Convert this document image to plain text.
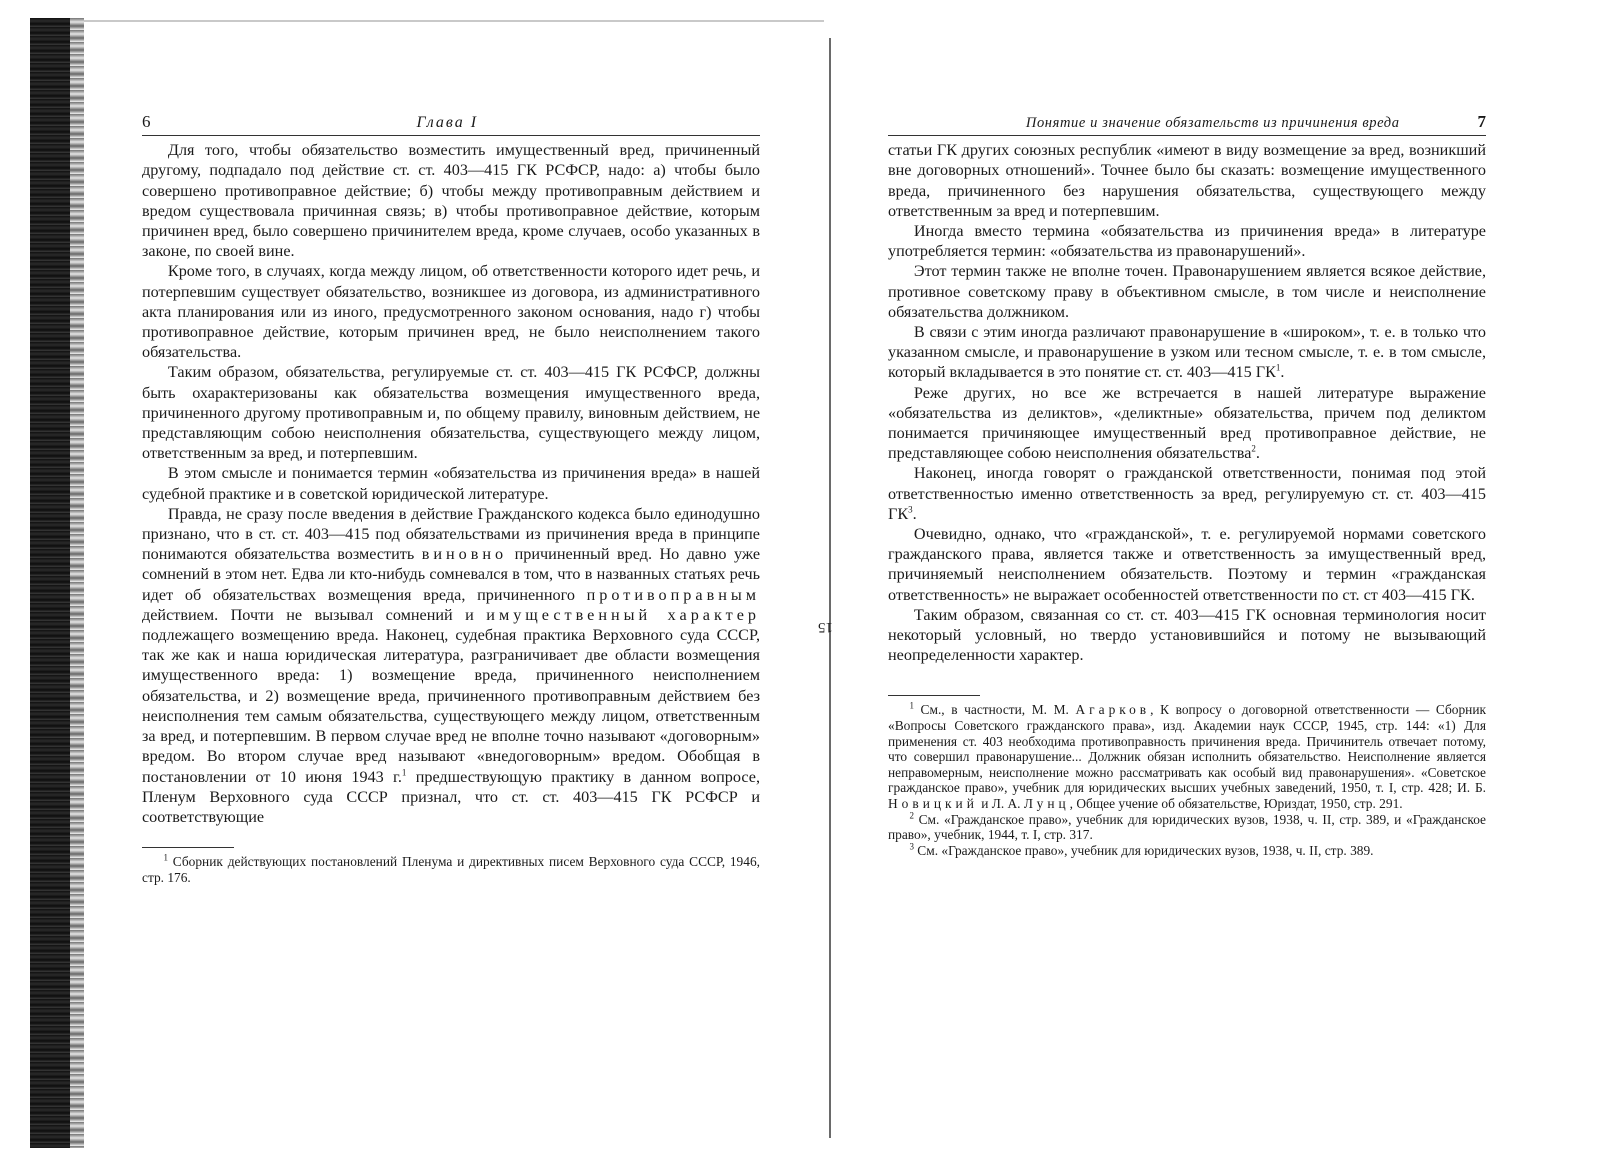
15
6	Глава I

Для того, чтобы обязательство возместить имущественный вред, причиненный другому, подпадало под действие ст. ст. 403—415 ГК РСФСР, надо: а) чтобы было совершено противоправное действие; б) чтобы между противоправным действием и вредом существовала причинная связь; в) чтобы противоправное действие, которым причинен вред, было совершено причинителем вреда, кроме случаев, особо указанных в законе, по своей вине.

Кроме того, в случаях, когда между лицом, об ответственности которого идет речь, и потерпевшим существует обязательство, возникшее из договора, из административного акта планирования или из иного, предусмотренного законом основания, надо г) чтобы противоправное действие, которым причинен вред, не было неисполнением такого обязательства.

Таким образом, обязательства, регулируемые ст. ст. 403—415 ГК РСФСР, должны быть охарактеризованы как обязательства возмещения имущественного вреда, причиненного другому противоправным и, по общему правилу, виновным действием, не представляющим собою неисполнения обязательства, существующего между лицом, ответственным за вред, и потерпевшим.

В этом смысле и понимается термин «обязательства из причинения вреда» в нашей судебной практике и в советской юридической литературе.

Правда, не сразу после введения в действие Гражданского кодекса было единодушно признано, что в ст. ст. 403—415 под обязательствами из причинения вреда в принципе понимаются обязательства возместить виновно причиненный вред. Но давно уже сомнений в этом нет. Едва ли кто-нибудь сомневался в том, что в названных статьях речь идет об обязательствах возмещения вреда, причиненного противоправным действием. Почти не вызывал сомнений и имущественный характер подлежащего возмещению вреда. Наконец, судебная практика Верховного суда СССР, так же как и наша юридическая литература, разграничивает две области возмещения имущественного вреда: 1) возмещение вреда, причиненного неисполнением обязательства, и 2) возмещение вреда, причиненного противоправным действием без неисполнения тем самым обязательства, существующего между лицом, ответственным за вред, и потерпевшим. В первом случае вред не вполне точно называют «договорным» вредом. Во втором случае вред называют «внедоговорным» вредом. Обобщая в постановлении от 10 июня 1943 г.$^1$ предшествующую практику в данном вопросе, Пленум Верховного суда СССР признал, что ст. ст. 403—415 ГК РСФСР и соответствующие

$^1$ Сборник действующих постановлений Пленума и директивных писем Верховного суда СССР, 1946, стр. 176.

Понятие и значение обязательств из причинения вреда	7

статьи ГК других союзных республик «имеют в виду возмещение за вред, возникший вне договорных отношений». Точнее было бы сказать: возмещение имущественного вреда, причиненного без нарушения обязательства, существующего между ответственным за вред и потерпевшим.

Иногда вместо термина «обязательства из причинения вреда» в литературе употребляется термин: «обязательства из правонарушений».

Этот термин также не вполне точен. Правонарушением является всякое действие, противное советскому праву в объективном смысле, в том числе и неисполнение обязательства должником.

В связи с этим иногда различают правонарушение в «широком», т. е. в только что указанном смысле, и правонарушение в узком или тесном смысле, т. е. в том смысле, который вкладывается в это понятие ст. ст. 403—415 $ГК^1$.

Реже других, но все же встречается в нашей литературе выражение «обязательства из деликтов», «деликтные» обязательства, причем под деликтом понимается причиняющее имущественный вред противоправное действие, не представляющее собою неисполнения обязательства$^2$.

Наконец, иногда говорят о гражданской ответственности, понимая под этой ответственностью именно ответственность за вред, регулируемую ст. ст. 403—415 $ГК^3$.

Очевидно, однако, что «гражданской», т. е. регулируемой нормами советского гражданского права, является также и ответственность за имущественный вред, причиняемый неисполнением обязательств. Поэтому и термин «гражданская ответственность» не выражает особенностей ответственности по ст. ст 403—415 ГК.

Таким образом, связанная со ст. ст. 403—415 ГК основная терминология носит некоторый условный, но твердо установившийся и потому не вызывающий неопределенности характер.

$^1$ См., в частности, М. М. Агарков, К вопросу о договорной ответственности — Сборник «Вопросы Советского гражданского права», изд. Академии наук СССР, 1945, стр. 144: «1) Для применения ст. 403 необходима противоправность причинения вреда. Причинитель отвечает потому, что совершил правонарушение... Должник обязан исполнить обязательство. Неисполнение является неправомерным, неисполнение можно рассматривать как особый вид правонарушения». «Советское гражданское право», учебник для юридических высших учебных заведений, 1950, т. I, стр. 428; И. Б. Новицкий и Л. А. Лунц, Общее учение об обязательстве, Юриздат, 1950, стр. 291.

$^2$ См. «Гражданское право», учебник для юридических вузов, 1938, ч. II, стр. 389, и «Гражданское право», учебник, 1944, т. I, стр. 317.

$^3$ См. «Гражданское право», учебник для юридических вузов, 1938, ч. II, стр. 389.
